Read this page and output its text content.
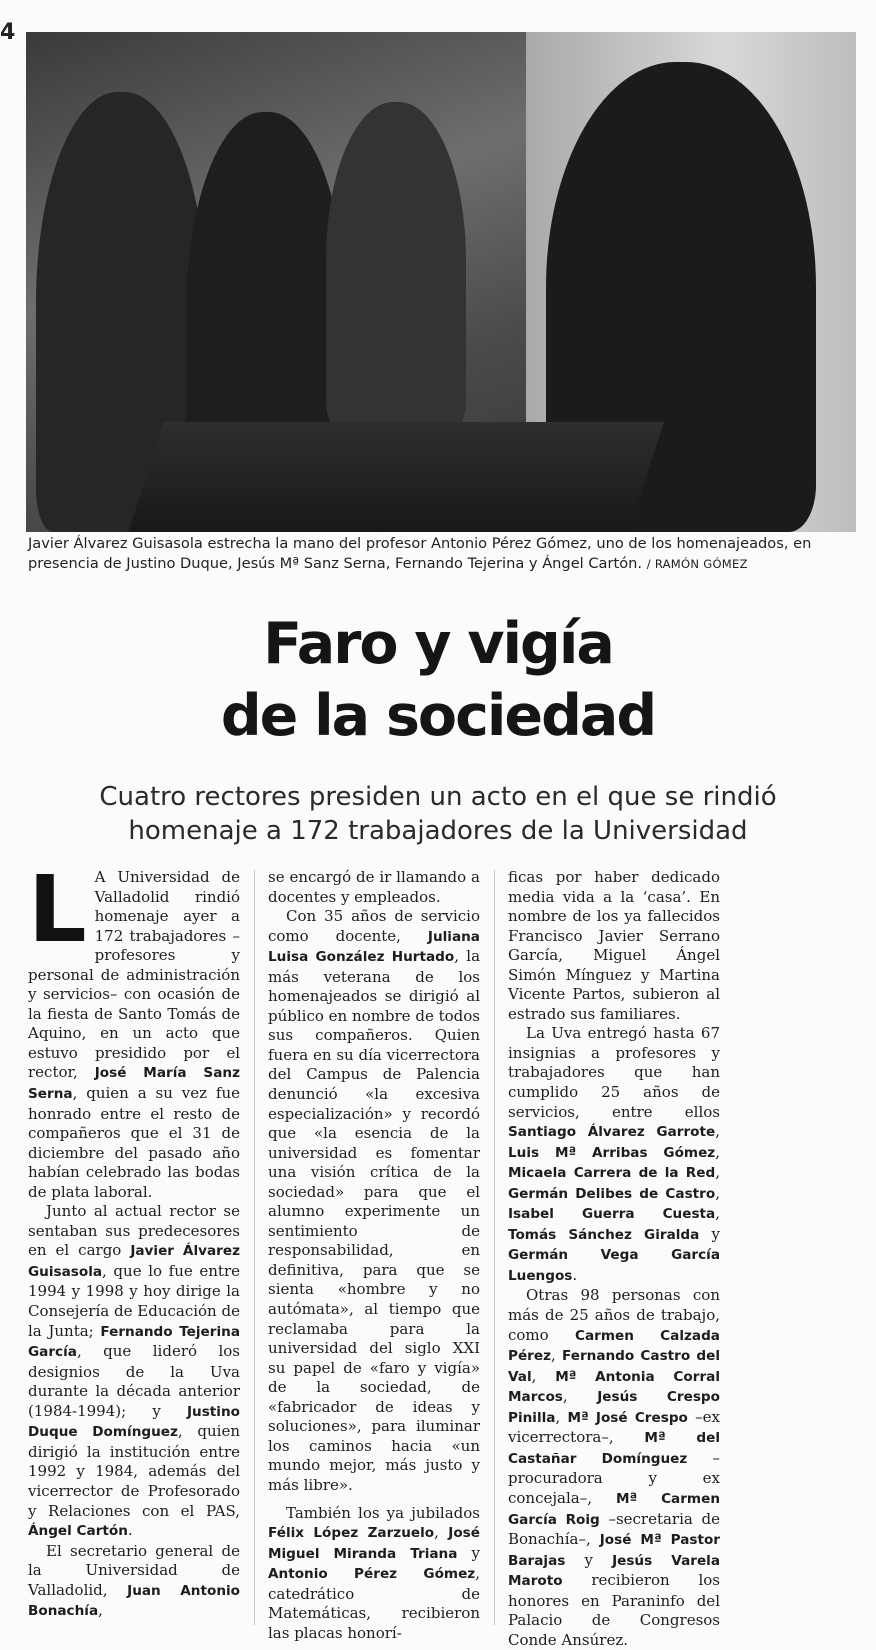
4
Javier Álvarez Guisasola estrecha la mano del profesor Antonio Pérez Gómez, uno de los homenajeados, en presencia de Justino Duque, Jesús Mª Sanz Serna, Fernando Tejerina y Ángel Cartón. / RAMÓN GÓMEZ
Faro y vigía
de la sociedad
Cuatro rectores presiden un acto en el que se rindió
homenaje a 172 trabajadores de la Universidad

L A Universidad de Valladolid rindió homenaje ayer a 172 trabajadores –profesores y personal de administración y servicios– con ocasión de la fiesta de Santo Tomás de Aquino, en un acto que estuvo presidido por el rector, José María Sanz Serna, quien a su vez fue honrado entre el resto de compañeros que el 31 de diciembre del pasado año habían celebrado las bodas de plata laboral.

Junto al actual rector se sentaban sus predecesores en el cargo Javier Álvarez Guisasola, que lo fue entre 1994 y 1998 y hoy dirige la Consejería de Educación de la Junta; Fernando Tejerina García, que lideró los designios de la Uva durante la década anterior (1984-1994); y Justino Duque Domínguez, quien dirigió la institución entre 1992 y 1984, además del vicerrector de Profesorado y Relaciones con el PAS, Ángel Cartón.

El secretario general de la Universidad de Valladolid, Juan Antonio Bonachía,

se encargó de ir llamando a docentes y empleados.

Con 35 años de servicio como docente, Juliana Luisa González Hurtado, la más veterana de los homenajeados se dirigió al público en nombre de todos sus compañeros. Quien fuera en su día vicerrectora del Campus de Palencia denunció «la excesiva especialización» y recordó que «la esencia de la universidad es fomentar una visión crítica de la sociedad» para que el alumno experimente un sentimiento de responsabilidad, en definitiva, para que se sienta «hombre y no autómata», al tiempo que reclamaba para la universidad del siglo XXI su papel de «faro y vigía» de la sociedad, de «fabricador de ideas y soluciones», para iluminar los caminos hacia «un mundo mejor, más justo y más libre».

También los ya jubilados Félix López Zarzuelo, José Miguel Miranda Triana y Antonio Pérez Gómez, catedrático de Matemáticas, recibieron las placas honorí-

ficas por haber dedicado media vida a la ‘casa’. En nombre de los ya fallecidos Francisco Javier Serrano García, Miguel Ángel Simón Mínguez y Martina Vicente Partos, subieron al estrado sus familiares.

La Uva entregó hasta 67 insignias a profesores y trabajadores que han cumplido 25 años de servicios, entre ellos Santiago Álvarez Garrote, Luis Mª Arribas Gómez, Micaela Carrera de la Red, Germán Delibes de Castro, Isabel Guerra Cuesta, Tomás Sánchez Giralda y Germán Vega García Luengos.

Otras 98 personas con más de 25 años de trabajo, como Carmen Calzada Pérez, Fernando Castro del Val, Mª Antonia Corral Marcos, Jesús Crespo Pinilla, Mª José Crespo –ex vicerrectora–, Mª del Castañar Domínguez –procuradora y ex concejala–, Mª Carmen García Roig –secretaria de Bonachía–, José Mª Pastor Barajas y Jesús Varela Maroto recibieron los honores en Paraninfo del Palacio de Congresos Conde Ansúrez.
